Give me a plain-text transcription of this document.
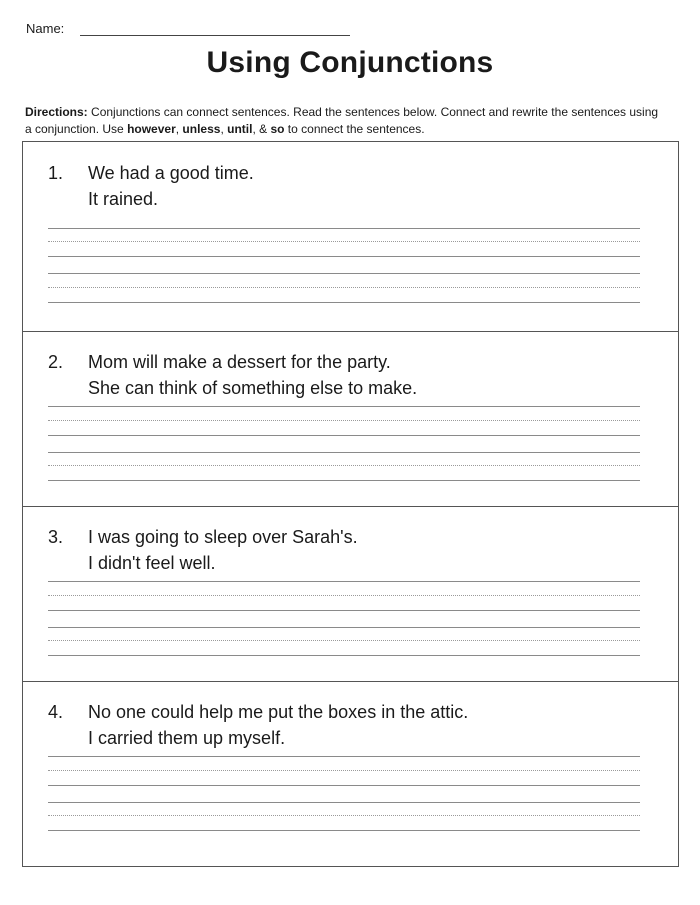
Name:
Using Conjunctions
Directions: Conjunctions can connect sentences. Read the sentences below. Connect and rewrite the sentences using a conjunction. Use however, unless, until, & so to connect the sentences.
1. We had a good time.
It rained.
2. Mom will make a dessert for the party.
She can think of something else to make.
3. I was going to sleep over Sarah's.
I didn't feel well.
4. No one could help me put the boxes in the attic.
I carried them up myself.
